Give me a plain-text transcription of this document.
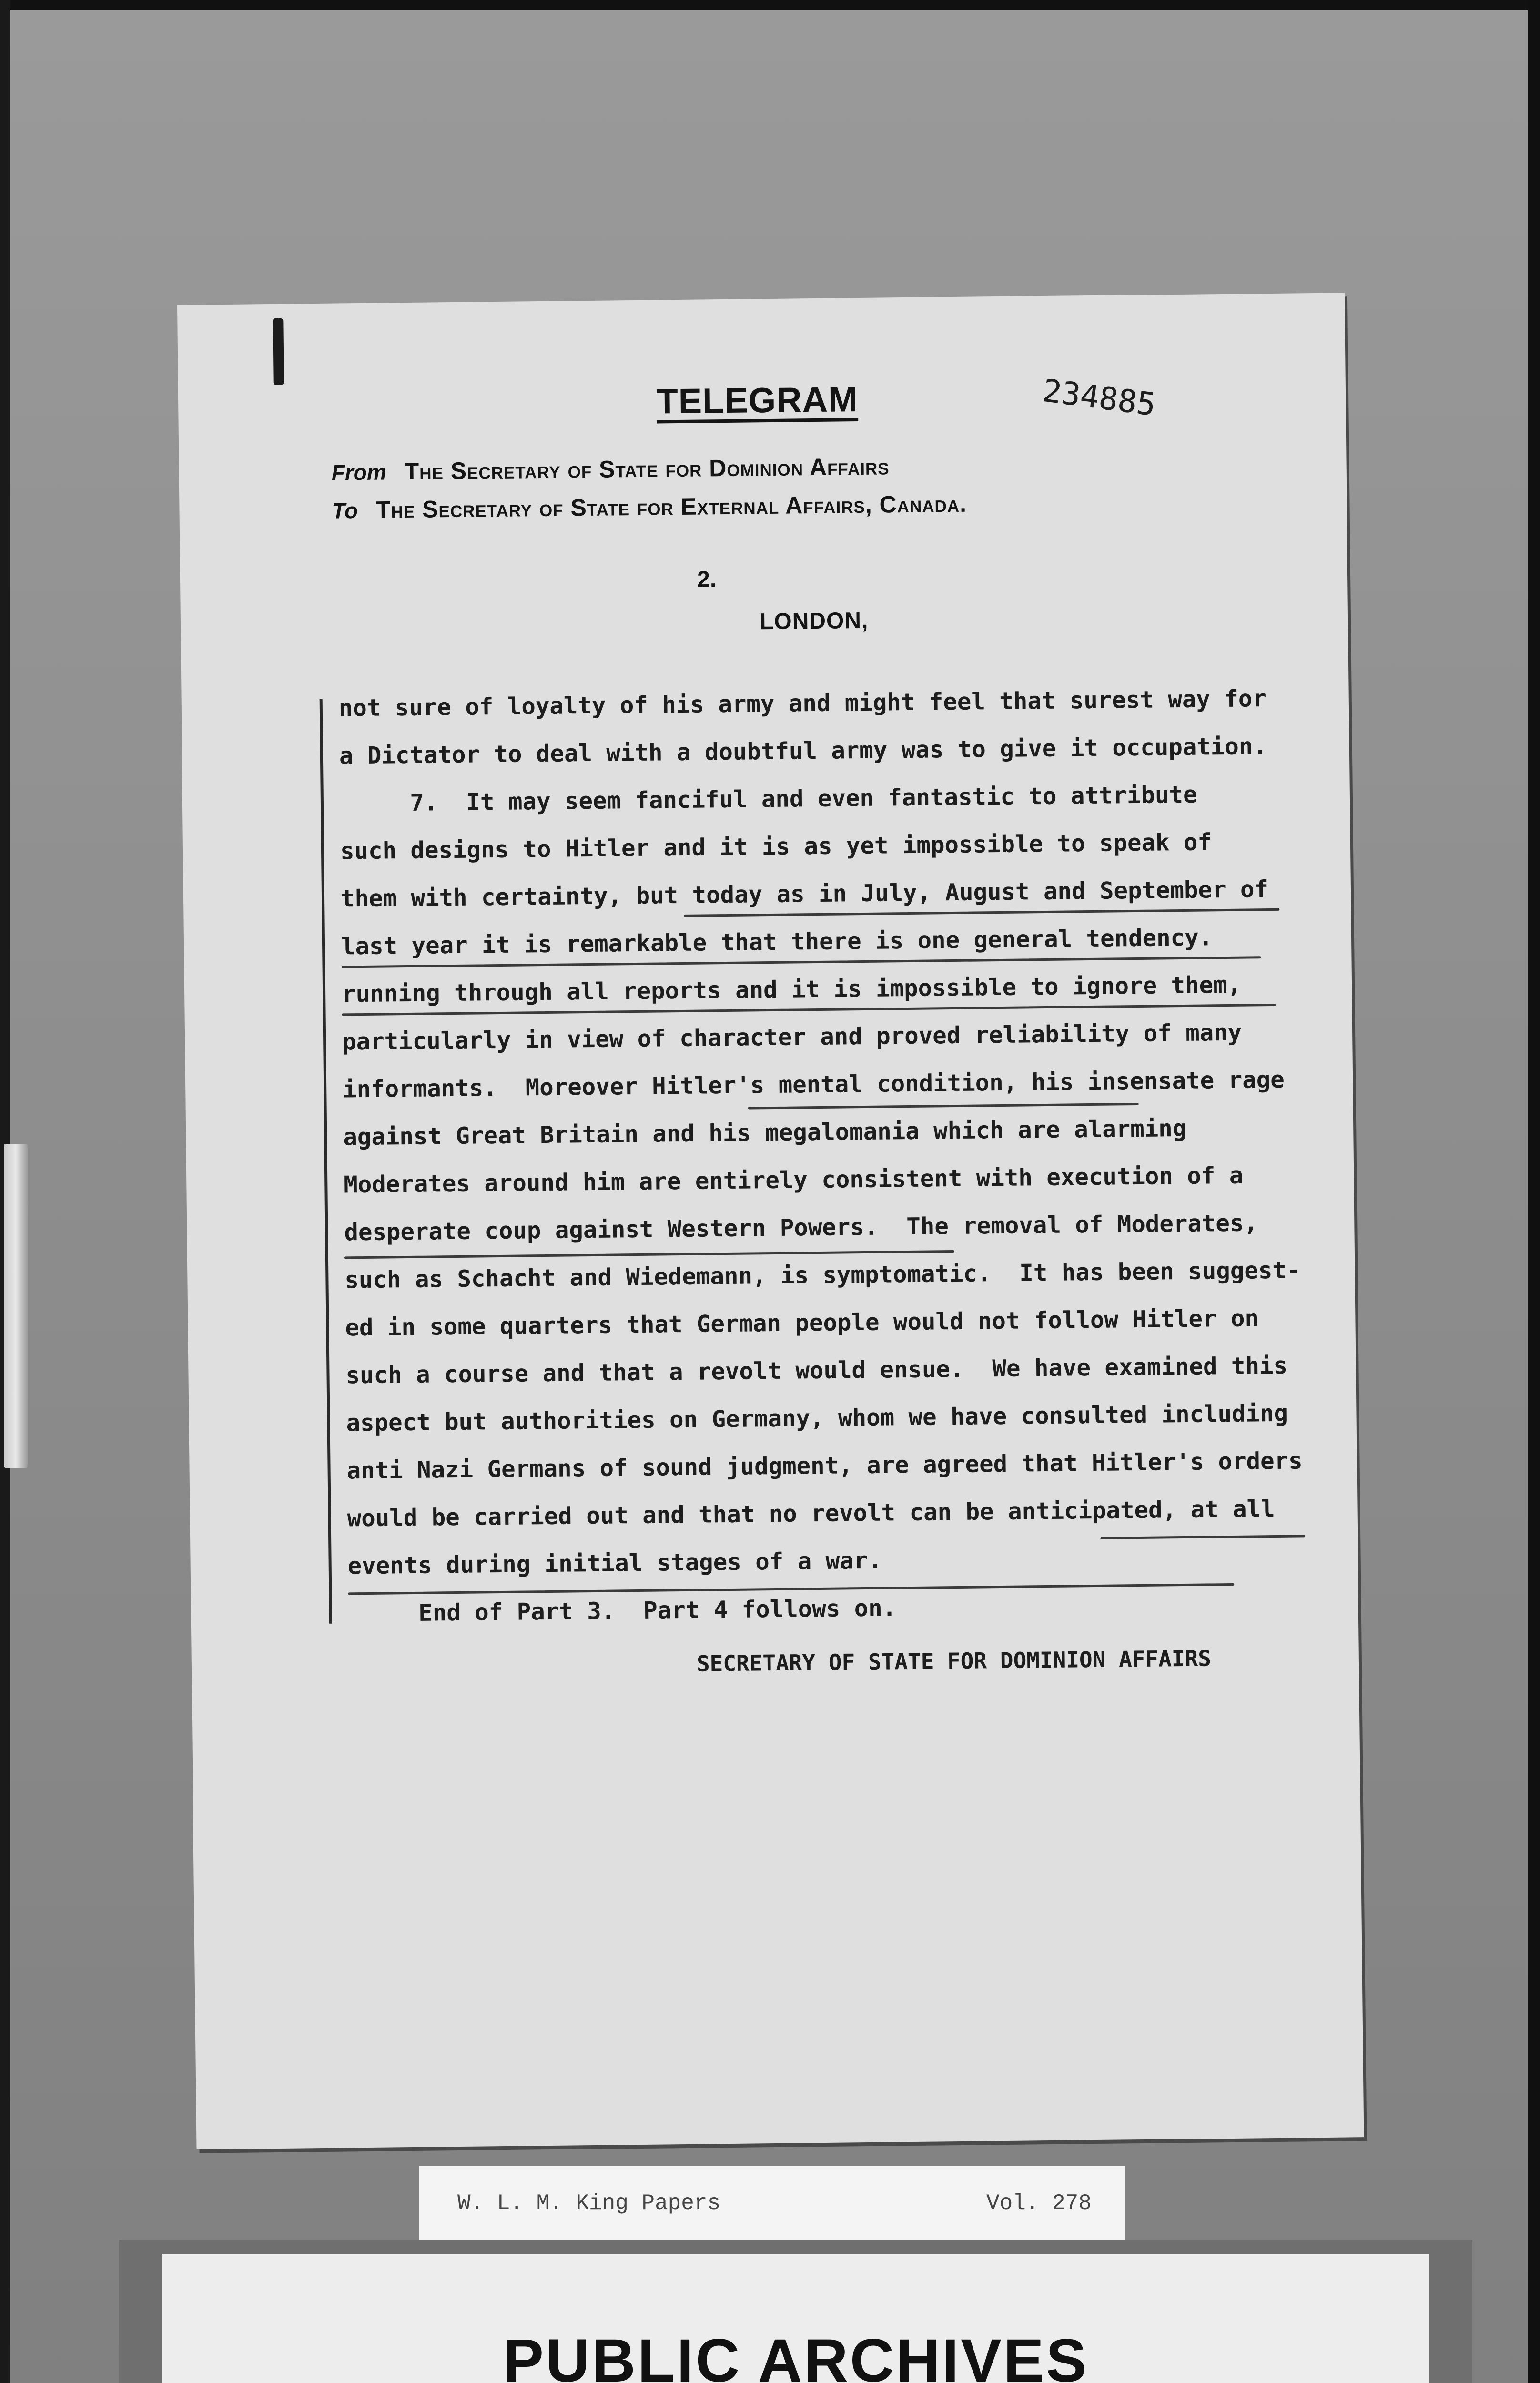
TELEGRAM	234885
From The Secretary of State for Dominion Affairs
To The Secretary of State for External Affairs, Canada.
2.
LONDON,
not sure of loyalty of his army and might feel that surest way for
a Dictator to deal with a doubtful army was to give it occupation.
7.  It may seem fanciful and even fantastic to attribute
such designs to Hitler and it is as yet impossible to speak of
them with certainty, but today as in July, August and September of
last year it is remarkable that there is one general tendency.
running through all reports and it is impossible to ignore them,
particularly in view of character and proved reliability of many
informants.  Moreover Hitler's mental condition, his insensate rage
against Great Britain and his megalomania which are alarming
Moderates around him are entirely consistent with execution of a
desperate coup against Western Powers.  The removal of Moderates,
such as Schacht and Wiedemann, is symptomatic.  It has been suggest-
ed in some quarters that German people would not follow Hitler on
such a course and that a revolt would ensue.  We have examined this
aspect but authorities on Germany, whom we have consulted including
anti Nazi Germans of sound judgment, are agreed that Hitler's orders
would be carried out and that no revolt can be anticipated, at all
events during initial stages of a war.
End of Part 3.  Part 4 follows on.
SECRETARY OF STATE FOR DOMINION AFFAIRS
W. L. M. King Papers	Vol. 278
PUBLIC ARCHIVES
